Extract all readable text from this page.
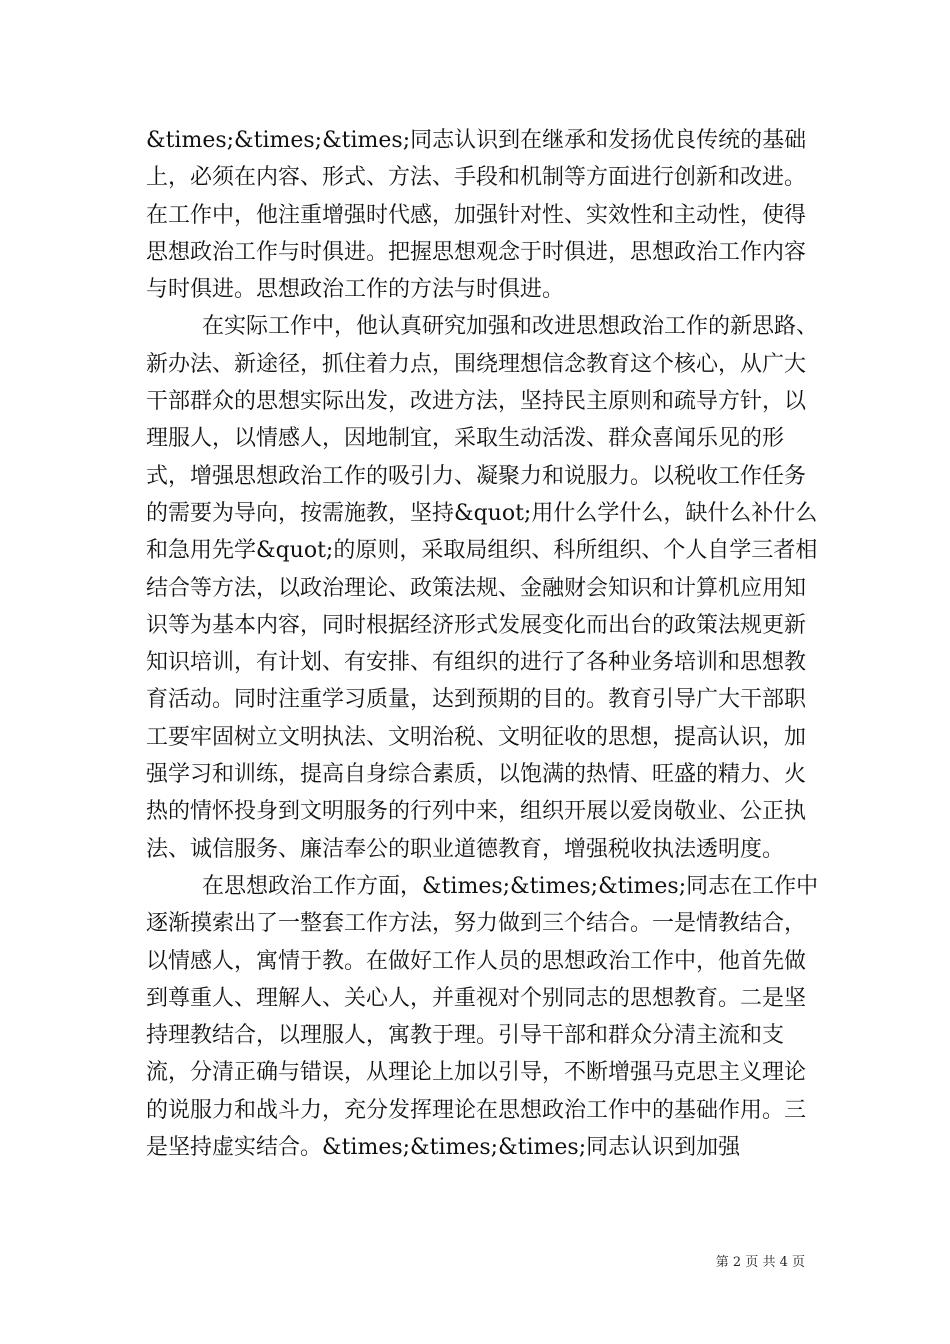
&times;&times;&times;同志认识到在继承和发扬优良传统的基础上，必须在内容、形式、方法、手段和机制等方面进行创新和改进。在工作中，他注重增强时代感，加强针对性、实效性和主动性，使得思想政治工作与时俱进。把握思想观念于时俱进，思想政治工作内容与时俱进。思想政治工作的方法与时俱进。

在实际工作中，他认真研究加强和改进思想政治工作的新思路、新办法、新途径，抓住着力点，围绕理想信念教育这个核心，从广大干部群众的思想实际出发，改进方法，坚持民主原则和疏导方针，以理服人，以情感人，因地制宜，采取生动活泼、群众喜闻乐见的形式，增强思想政治工作的吸引力、凝聚力和说服力。以税收工作任务的需要为导向，按需施教，坚持&quot;用什么学什么，缺什么补什么和急用先学&quot;的原则，采取局组织、科所组织、个人自学三者相结合等方法，以政治理论、政策法规、金融财会知识和计算机应用知识等为基本内容，同时根据经济形式发展变化而出台的政策法规更新知识培训，有计划、有安排、有组织的进行了各种业务培训和思想教育活动。同时注重学习质量，达到预期的目的。教育引导广大干部职工要牢固树立文明执法、文明治税、文明征收的思想，提高认识，加强学习和训练，提高自身综合素质，以饱满的热情、旺盛的精力、火热的情怀投身到文明服务的行列中来，组织开展以爱岗敬业、公正执法、诚信服务、廉洁奉公的职业道德教育，增强税收执法透明度。

在思想政治工作方面，&times;&times;&times;同志在工作中逐渐摸索出了一整套工作方法，努力做到三个结合。一是情教结合，以情感人，寓情于教。在做好工作人员的思想政治工作中，他首先做到尊重人、理解人、关心人，并重视对个别同志的思想教育。二是坚持理教结合，以理服人，寓教于理。引导干部和群众分清主流和支流，分清正确与错误，从理论上加以引导，不断增强马克思主义理论的说服力和战斗力，充分发挥理论在思想政治工作中的基础作用。三是坚持虚实结合。&times;&times;&times;同志认识到加强

第 2 页 共 4 页
